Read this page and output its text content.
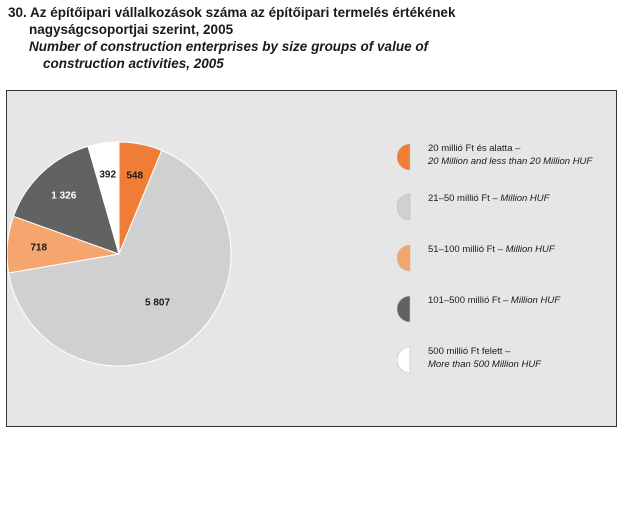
30. Az építőipari vállalkozások száma az építőipari termelés értékének
nagyságcsoportjai szerint, 2005
Number of construction enterprises by size groups of value of
construction activities, 2005
548
5 807
718
1 326
392
20 millió Ft és alatta –
20 Million and less than 20 Million HUF
21–50 millió Ft – Million HUF
51–100 millió Ft – Million HUF
101–500 millió Ft – Million HUF
500 millió Ft felett –
More than 500 Million HUF
